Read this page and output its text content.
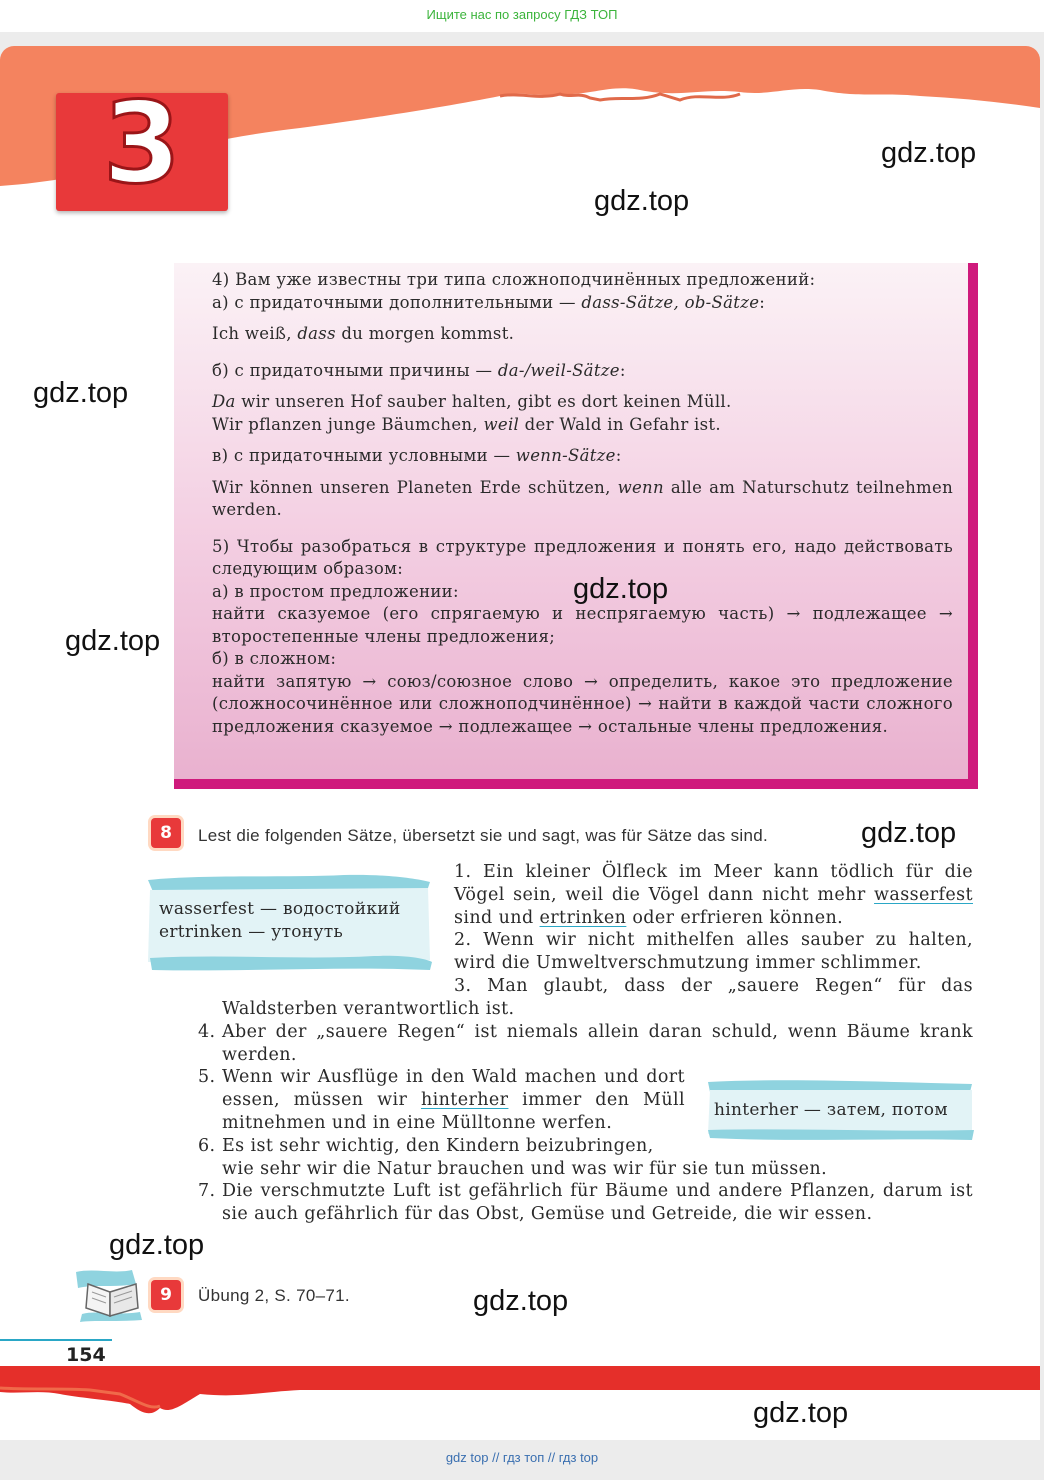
Ищите нас по запросу ГДЗ ТОП
3

4) Вам уже известны три типа сложноподчинённых предложений:

а) с придаточными дополнительными — dass-Sätze, ob-Sätze:

Ich weiß, dass du morgen kommst.

б) с придаточными причины — da-/weil-Sätze:

Da wir unseren Hof sauber halten, gibt es dort keinen Müll.

Wir pflanzen junge Bäumchen, weil der Wald in Gefahr ist.

в) с придаточными условными — wenn-Sätze:

Wir können unseren Planeten Erde schützen, wenn alle am Naturschutz teilnehmen werden.

5) Чтобы разобраться в структуре предложения и понять его, надо действовать следующим образом:

а) в простом предложении:

найти сказуемое (его спрягаемую и неспрягаемую часть) → подлежащее → второстепенные члены предложения;

б) в сложном:

найти запятую → союз/союзное слово → определить, какое это предложение (сложносочинённое или сложноподчинённое) → найти в каждой части сложного предложения сказуемое → подлежащее → остальные члены предложения.

8	Lest die folgenden Sätze, übersetzt sie und sagt, was für Sätze das sind.
wasserfest — водостойкий
ertrinken — утонуть
hinterher — затем, потом

1. Ein kleiner Ölfleck im Meer kann tödlich für die Vögel sein, weil die Vögel dann nicht mehr wasserfest sind und ertrinken oder erfrieren können.

2. Wenn wir nicht mithelfen alles sauber zu halten, wird die Umweltverschmutzung immer schlimmer.

3. Man glaubt, dass der „sauere Regen“ für das

Waldsterben verantwortlich ist.

4. Aber der „sauere Regen“ ist niemals allein daran schuld, wenn Bäume krank werden.

5. Wenn wir Ausflüge in den Wald machen und dort essen, müssen wir hinterher immer den Müll mitnehmen und in eine Mülltonne werfen.

6. Es ist sehr wichtig, den Kindern beizubringen,
wie sehr wir die Natur brauchen und was wir für sie tun müssen.
7. Die verschmutzte Luft ist gefährlich für Bäume und andere Pflanzen, darum ist sie auch gefährlich für das Obst, Gemüse und Getreide, die wir essen.

9	Übung 2, S. 70–71.
154
gdz.top
gdz.top
gdz.top
gdz.top
gdz.top
gdz.top
gdz.top
gdz.top
gdz.top
gdz top // гдз топ // гдз top
